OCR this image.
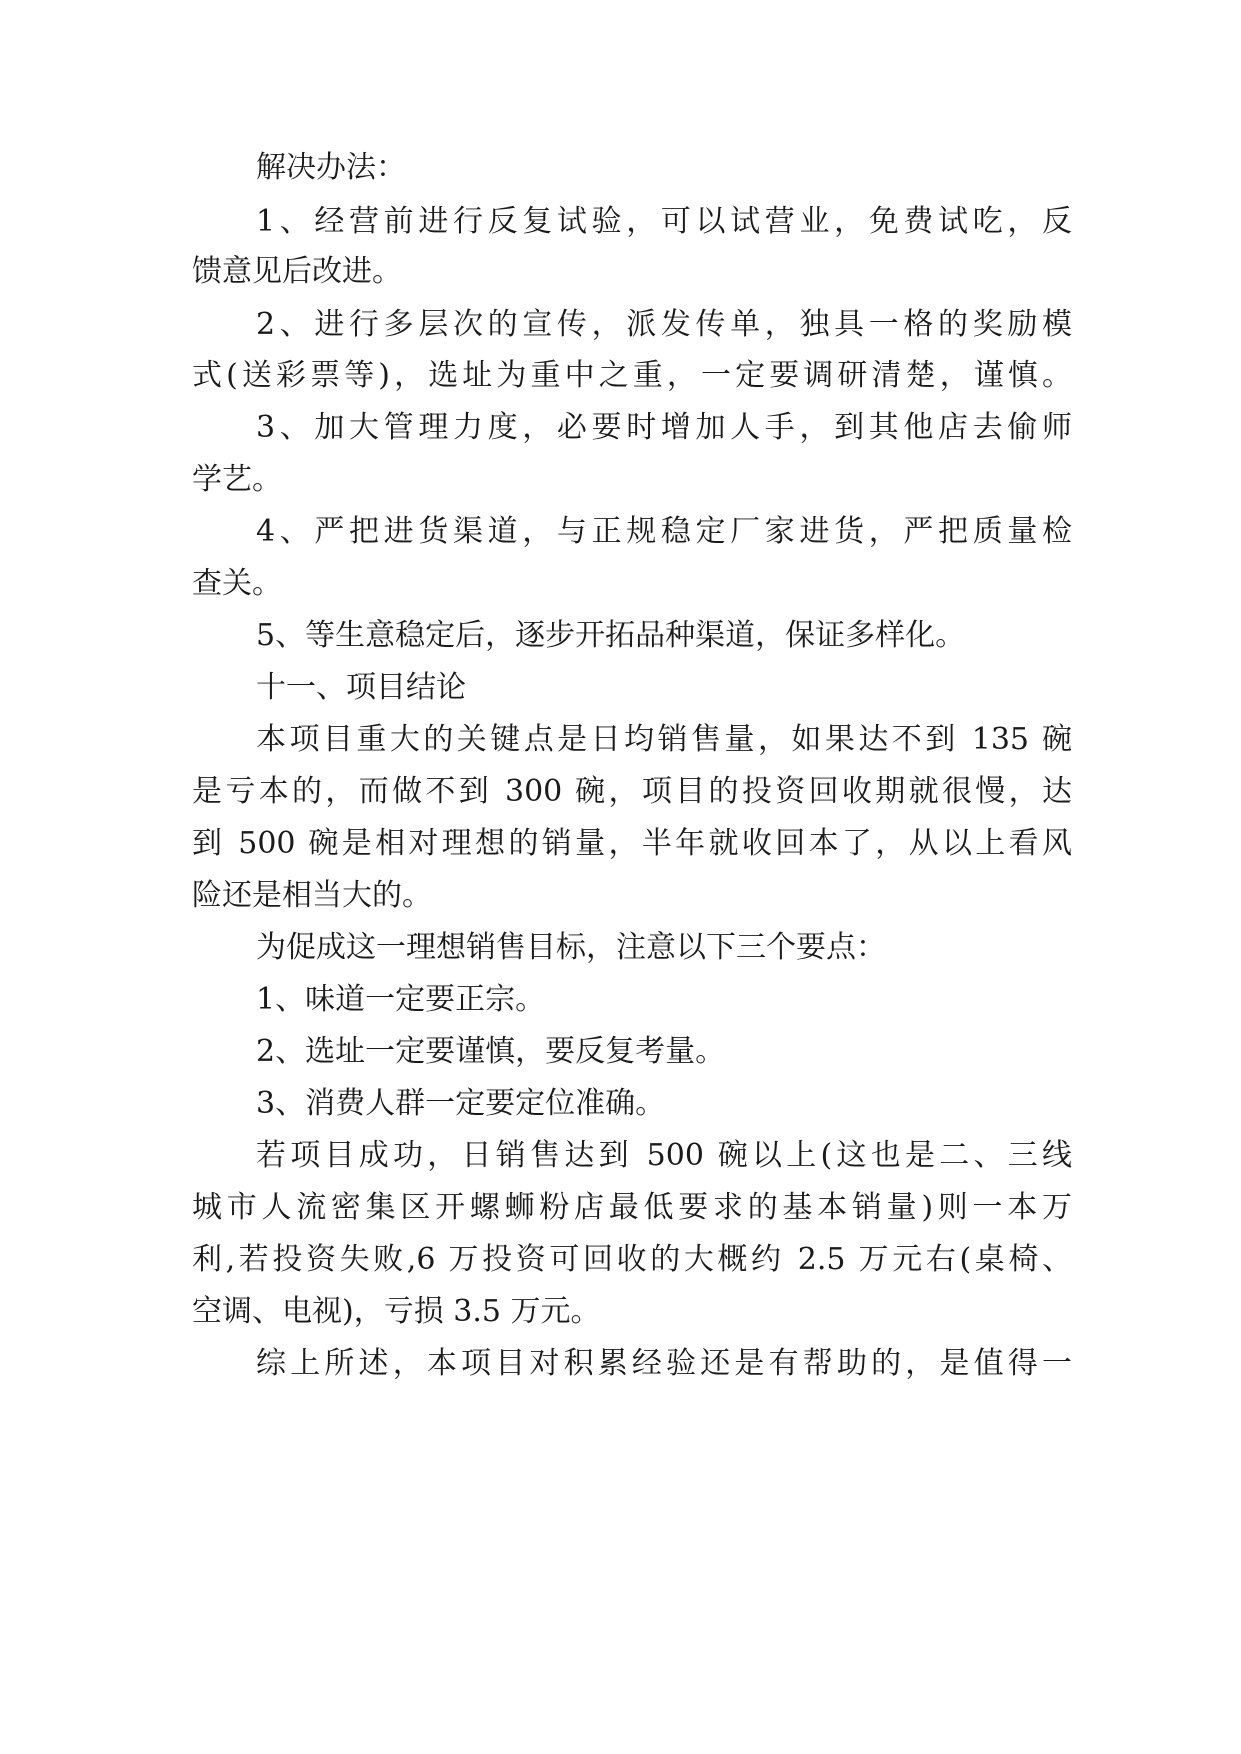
解决办法：
1、经营前进行反复试验，可以试营业，免费试吃，反
馈意见后改进。
2、进行多层次的宣传，派发传单，独具一格的奖励模
式(送彩票等)，选址为重中之重，一定要调研清楚，谨慎。
3、加大管理力度，必要时增加人手，到其他店去偷师
学艺。
4、严把进货渠道，与正规稳定厂家进货，严把质量检
查关。
5、等生意稳定后，逐步开拓品种渠道，保证多样化。
十一、项目结论
本项目重大的关键点是日均销售量，如果达不到 135 碗
是亏本的，而做不到 300 碗，项目的投资回收期就很慢，达
到 500 碗是相对理想的销量，半年就收回本了，从以上看风
险还是相当大的。
为促成这一理想销售目标，注意以下三个要点：
1、味道一定要正宗。
2、选址一定要谨慎，要反复考量。
3、消费人群一定要定位准确。
若项目成功，日销售达到 500 碗以上(这也是二、三线
城市人流密集区开螺蛳粉店最低要求的基本销量)则一本万
利,若投资失败,6 万投资可回收的大概约 2.5 万元右(桌椅、
空调、电视)，亏损 3.5 万元。
综上所述，本项目对积累经验还是有帮助的，是值得一
